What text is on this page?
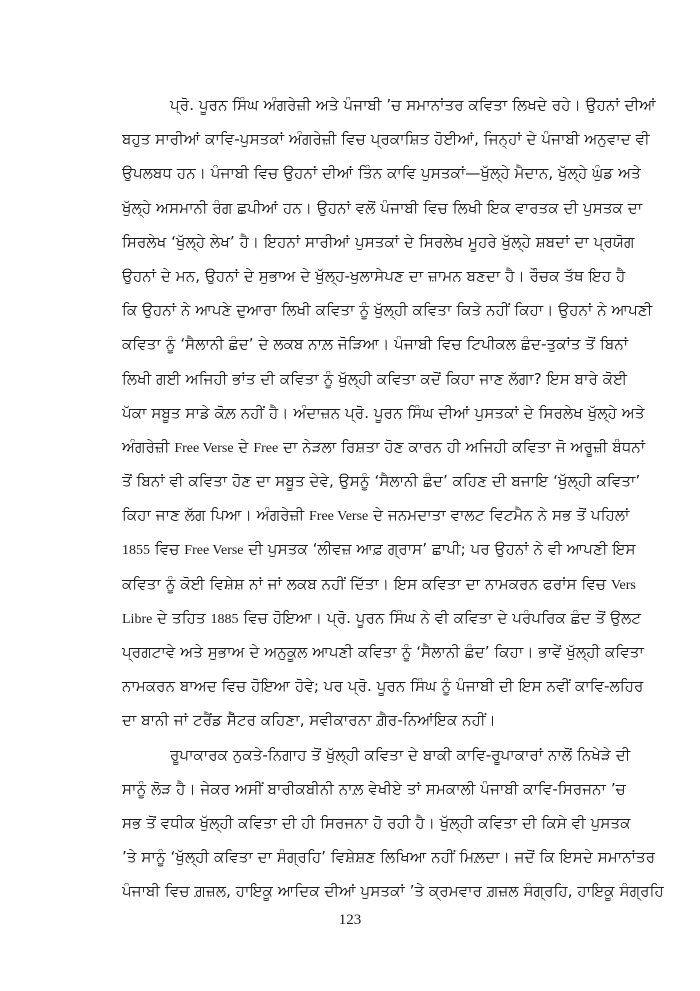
ਪ੍ਰੋ. ਪੂਰਨ ਸਿੰਘ ਅੰਗਰੇਜ਼ੀ ਅਤੇ ਪੰਜਾਬੀ ’ਚ ਸਮਾਨਾਂਤਰ ਕਵਿਤਾ ਲਿਖਦੇ ਰਹੇ। ਉਹਨਾਂ ਦੀਆਂ
ਬਹੁਤ ਸਾਰੀਆਂ ਕਾਵਿ-ਪੁਸਤਕਾਂ ਅੰਗਰੇਜ਼ੀ ਵਿਚ ਪ੍ਰਕਾਸ਼ਿਤ ਹੋਈਆਂ, ਜਿਨ੍ਹਾਂ ਦੇ ਪੰਜਾਬੀ ਅਨੁਵਾਦ ਵੀ
ਉਪਲਬਧ ਹਨ। ਪੰਜਾਬੀ ਵਿਚ ਉਹਨਾਂ ਦੀਆਂ ਤਿੰਨ ਕਾਵਿ ਪੁਸਤਕਾਂ—ਖੁੱਲ੍ਹੇ ਮੈਦਾਨ, ਖੁੱਲ੍ਹੇ ਘੁੰਡ ਅਤੇ
ਖੁੱਲ੍ਹੇ ਅਸਮਾਨੀ ਰੰਗ ਛਪੀਆਂ ਹਨ। ਉਹਨਾਂ ਵਲੋਂ ਪੰਜਾਬੀ ਵਿਚ ਲਿਖੀ ਇਕ ਵਾਰਤਕ ਦੀ ਪੁਸਤਕ ਦਾ
ਸਿਰਲੇਖ ‘ਖੁੱਲ੍ਹੇ ਲੇਖ’ ਹੈ। ਇਹਨਾਂ ਸਾਰੀਆਂ ਪੁਸਤਕਾਂ ਦੇ ਸਿਰਲੇਖ ਮੂਹਰੇ ਖੁੱਲ੍ਹੇ ਸ਼ਬਦਾਂ ਦਾ ਪ੍ਰਯੋਗ
ਉਹਨਾਂ ਦੇ ਮਨ, ਉਹਨਾਂ ਦੇ ਸੁਭਾਅ ਦੇ ਖੁੱਲ੍ਹ-ਖੁਲਾਸੇਪਣ ਦਾ ਜ਼ਾਮਨ ਬਣਦਾ ਹੈ। ਰੌਚਕ ਤੱਥ ਇਹ ਹੈ
ਕਿ ਉਹਨਾਂ ਨੇ ਆਪਣੇ ਦੁਆਰਾ ਲਿਖੀ ਕਵਿਤਾ ਨੂੰ ਖੁੱਲ੍ਹੀ ਕਵਿਤਾ ਕਿਤੇ ਨਹੀਂ ਕਿਹਾ। ਉਹਨਾਂ ਨੇ ਆਪਣੀ
ਕਵਿਤਾ ਨੂੰ ‘ਸੈਲਾਨੀ ਛੰਦ’ ਦੇ ਲਕਬ ਨਾਲ਼ ਜੋੜਿਆ। ਪੰਜਾਬੀ ਵਿਚ ਟਿਪੀਕਲ ਛੰਦ-ਤੁਕਾਂਤ ਤੋਂ ਬਿਨਾਂ
ਲਿਖੀ ਗਈ ਅਜਿਹੀ ਭਾਂਤ ਦੀ ਕਵਿਤਾ ਨੂੰ ਖੁੱਲ੍ਹੀ ਕਵਿਤਾ ਕਦੋਂ ਕਿਹਾ ਜਾਣ ਲੱਗਾ? ਇਸ ਬਾਰੇ ਕੋਈ
ਪੱਕਾ ਸਬੂਤ ਸਾਡੇ ਕੋਲ਼ ਨਹੀਂ ਹੈ। ਅੰਦਾਜ਼ਨ ਪ੍ਰੋ. ਪੂਰਨ ਸਿੰਘ ਦੀਆਂ ਪੁਸਤਕਾਂ ਦੇ ਸਿਰਲੇਖ ਖੁੱਲ੍ਹੇ ਅਤੇ
ਅੰਗਰੇਜ਼ੀ Free Verse ਦੇ Free ਦਾ ਨੇੜਲਾ ਰਿਸ਼ਤਾ ਹੋਣ ਕਾਰਨ ਹੀ ਅਜਿਹੀ ਕਵਿਤਾ ਜੋ ਅਰੂਜ਼ੀ ਬੰਧਨਾਂ
ਤੋਂ ਬਿਨਾਂ ਵੀ ਕਵਿਤਾ ਹੋਣ ਦਾ ਸਬੂਤ ਦੇਵੇ, ਉਸਨੂੰ ‘ਸੈਲਾਨੀ ਛੰਦ’ ਕਹਿਣ ਦੀ ਬਜਾਇ ‘ਖੁੱਲ੍ਹੀ ਕਵਿਤਾ’
ਕਿਹਾ ਜਾਣ ਲੱਗ ਪਿਆ। ਅੰਗਰੇਜ਼ੀ Free Verse ਦੇ ਜਨਮਦਾਤਾ ਵਾਲਟ ਵਿਟਮੈਨ ਨੇ ਸਭ ਤੋਂ ਪਹਿਲਾਂ
1855 ਵਿਚ Free Verse ਦੀ ਪੁਸਤਕ ‘ਲੀਵਜ਼ ਆਫ਼ ਗ੍ਰਾਸ’ ਛਾਪੀ; ਪਰ ਉਹਨਾਂ ਨੇ ਵੀ ਆਪਣੀ ਇਸ
ਕਵਿਤਾ ਨੂੰ ਕੋਈ ਵਿਸ਼ੇਸ਼ ਨਾਂ ਜਾਂ ਲਕਬ ਨਹੀਂ ਦਿੱਤਾ। ਇਸ ਕਵਿਤਾ ਦਾ ਨਾਮਕਰਨ ਫਰਾਂਸ ਵਿਚ Vers
Libre ਦੇ ਤਹਿਤ 1885 ਵਿਚ ਹੋਇਆ। ਪ੍ਰੋ. ਪੂਰਨ ਸਿੰਘ ਨੇ ਵੀ ਕਵਿਤਾ ਦੇ ਪਰੰਪਰਿਕ ਛੰਦ ਤੋਂ ਉਲਟ
ਪ੍ਰਗਟਾਵੇ ਅਤੇ ਸੁਭਾਅ ਦੇ ਅਨੁਕੂਲ ਆਪਣੀ ਕਵਿਤਾ ਨੂੰ ‘ਸੈਲਾਨੀ ਛੰਦ’ ਕਿਹਾ। ਭਾਵੇਂ ਖੁੱਲ੍ਹੀ ਕਵਿਤਾ
ਨਾਮਕਰਨ ਬਾਅਦ ਵਿਚ ਹੋਇਆ ਹੋਵੇ; ਪਰ ਪ੍ਰੋ. ਪੂਰਨ ਸਿੰਘ ਨੂੰ ਪੰਜਾਬੀ ਦੀ ਇਸ ਨਵੀਂ ਕਾਵਿ-ਲਹਿਰ
ਦਾ ਬਾਨੀ ਜਾਂ ਟਰੈਂਡ ਸੈੱਟਰ ਕਹਿਣਾ, ਸਵੀਕਾਰਨਾ ਗ਼ੈਰ-ਨਿਆਂਇਕ ਨਹੀਂ।
ਰੂਪਾਕਾਰਕ ਨੁਕਤੇ-ਨਿਗਾਹ ਤੋਂ ਖੁੱਲ੍ਹੀ ਕਵਿਤਾ ਦੇ ਬਾਕੀ ਕਾਵਿ-ਰੂਪਾਕਾਰਾਂ ਨਾਲੋਂ ਨਿਖੇੜੇ ਦੀ
ਸਾਨੂੰ ਲੋੜ ਹੈ। ਜੇਕਰ ਅਸੀਂ ਬਾਰੀਕਬੀਨੀ ਨਾਲ਼ ਵੇਖੀਏ ਤਾਂ ਸਮਕਾਲੀ ਪੰਜਾਬੀ ਕਾਵਿ-ਸਿਰਜਨਾ ’ਚ
ਸਭ ਤੋਂ ਵਧੀਕ ਖੁੱਲ੍ਹੀ ਕਵਿਤਾ ਦੀ ਹੀ ਸਿਰਜਨਾ ਹੋ ਰਹੀ ਹੈ। ਖੁੱਲ੍ਹੀ ਕਵਿਤਾ ਦੀ ਕਿਸੇ ਵੀ ਪੁਸਤਕ
’ਤੇ ਸਾਨੂੰ ‘ਖੁੱਲ੍ਹੀ ਕਵਿਤਾ ਦਾ ਸੰਗ੍ਰਹਿ’ ਵਿਸ਼ੇਸ਼ਣ ਲਿਖਿਆ ਨਹੀਂ ਮਿਲ਼ਦਾ। ਜਦੋਂ ਕਿ ਇਸਦੇ ਸਮਾਨਾਂਤਰ
ਪੰਜਾਬੀ ਵਿਚ ਗ਼ਜ਼ਲ, ਹਾਇਕੂ ਆਦਿਕ ਦੀਆਂ ਪੁਸਤਕਾਂ ’ਤੇ ਕ੍ਰਮਵਾਰ ਗ਼ਜ਼ਲ ਸੰਗ੍ਰਹਿ, ਹਾਇਕੂ ਸੰਗ੍ਰਹਿ
123
